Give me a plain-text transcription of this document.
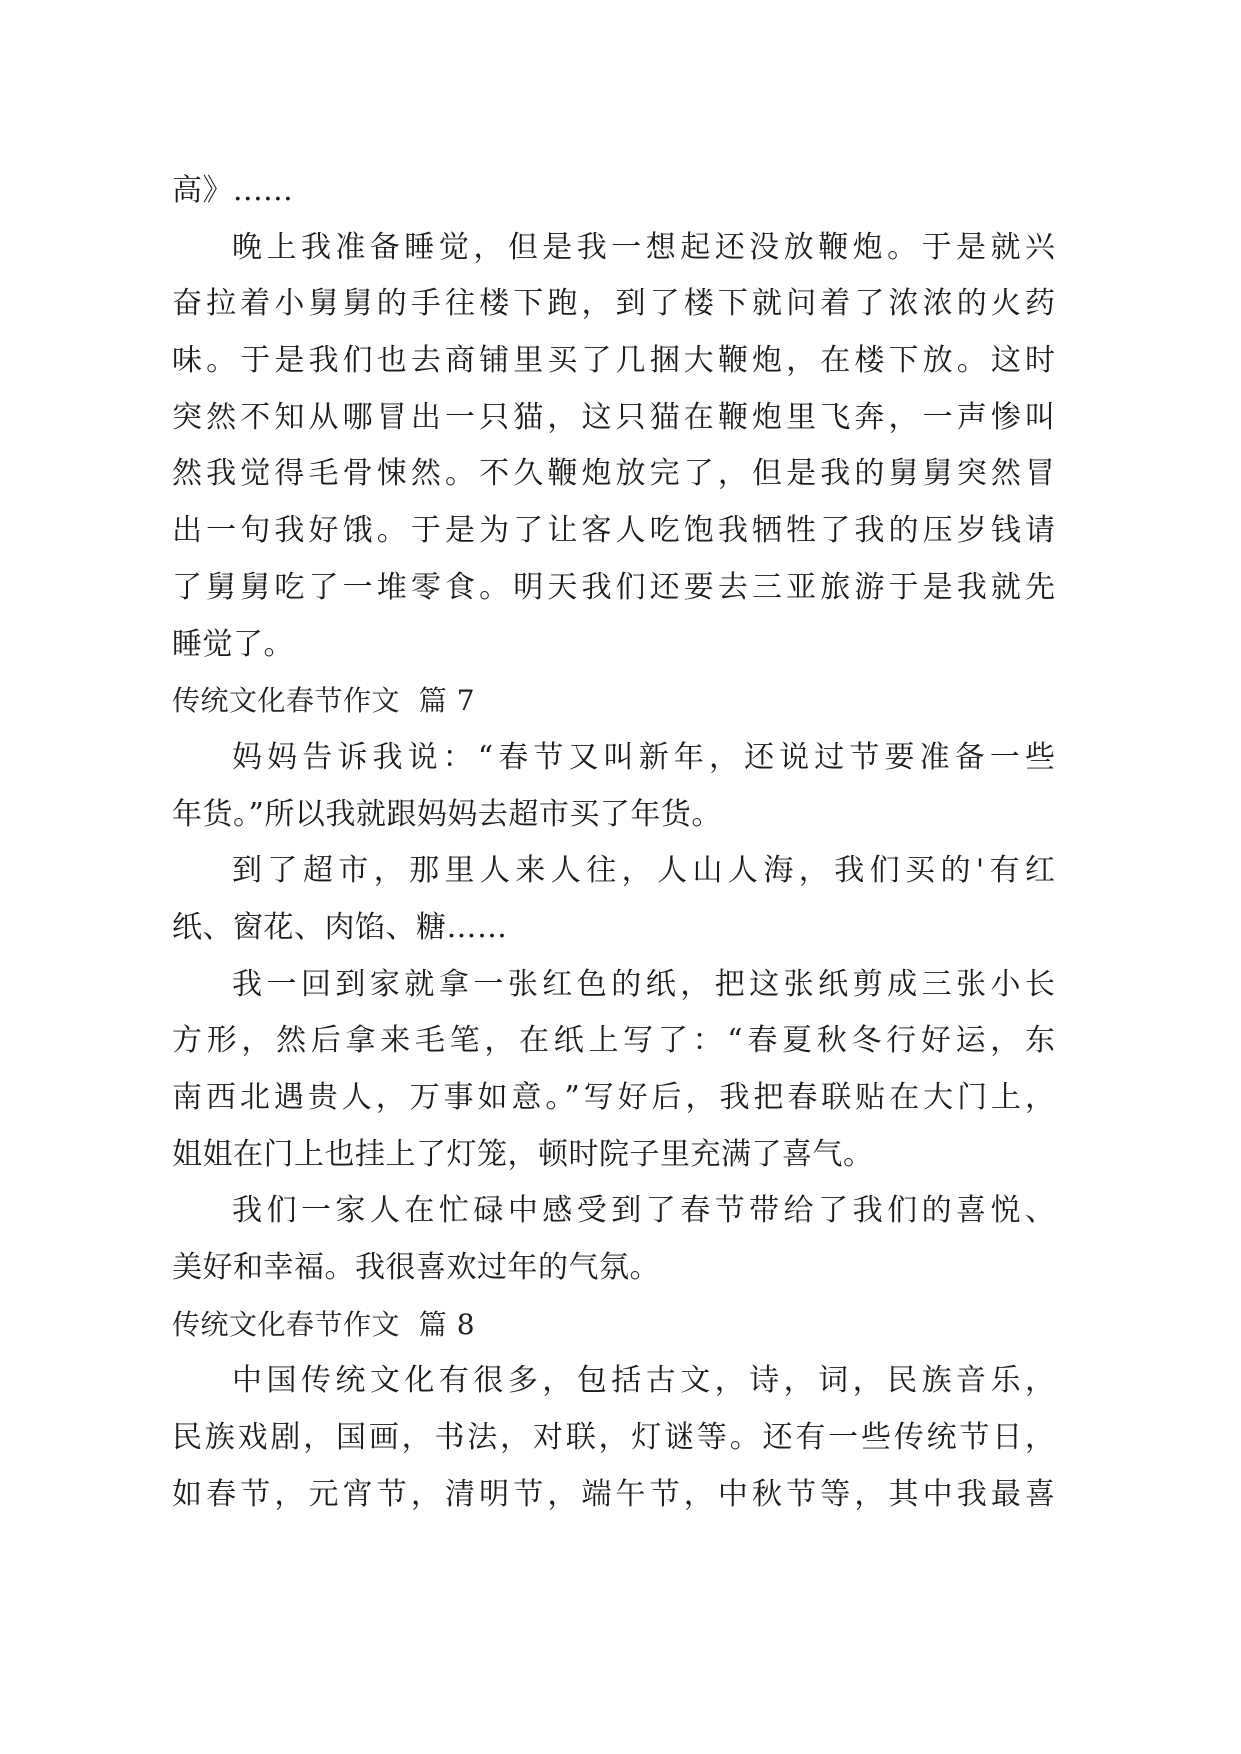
高》......
晚上我准备睡觉，但是我一想起还没放鞭炮。于是就兴
奋拉着小舅舅的手往楼下跑，到了楼下就问着了浓浓的火药
味。于是我们也去商铺里买了几捆大鞭炮，在楼下放。这时
突然不知从哪冒出一只猫，这只猫在鞭炮里飞奔，一声惨叫
然我觉得毛骨悚然。不久鞭炮放完了，但是我的舅舅突然冒
出一句我好饿。于是为了让客人吃饱我牺牲了我的压岁钱请
了舅舅吃了一堆零食。明天我们还要去三亚旅游于是我就先
睡觉了。
传统文化春节作文  篇 7
妈妈告诉我说：“春节又叫新年，还说过节要准备一些
年货。”所以我就跟妈妈去超市买了年货。
到了超市，那里人来人往，人山人海，我们买的'有红
纸、窗花、肉馅、糖……
我一回到家就拿一张红色的纸，把这张纸剪成三张小长
方形，然后拿来毛笔，在纸上写了：“春夏秋冬行好运，东
南西北遇贵人，万事如意。”写好后，我把春联贴在大门上，
姐姐在门上也挂上了灯笼，顿时院子里充满了喜气。
我们一家人在忙碌中感受到了春节带给了我们的喜悦、
美好和幸福。我很喜欢过年的气氛。
传统文化春节作文  篇 8
中国传统文化有很多，包括古文，诗，词，民族音乐，
民族戏剧，国画，书法，对联，灯谜等。还有一些传统节日，
如春节，元宵节，清明节，端午节，中秋节等，其中我最喜
